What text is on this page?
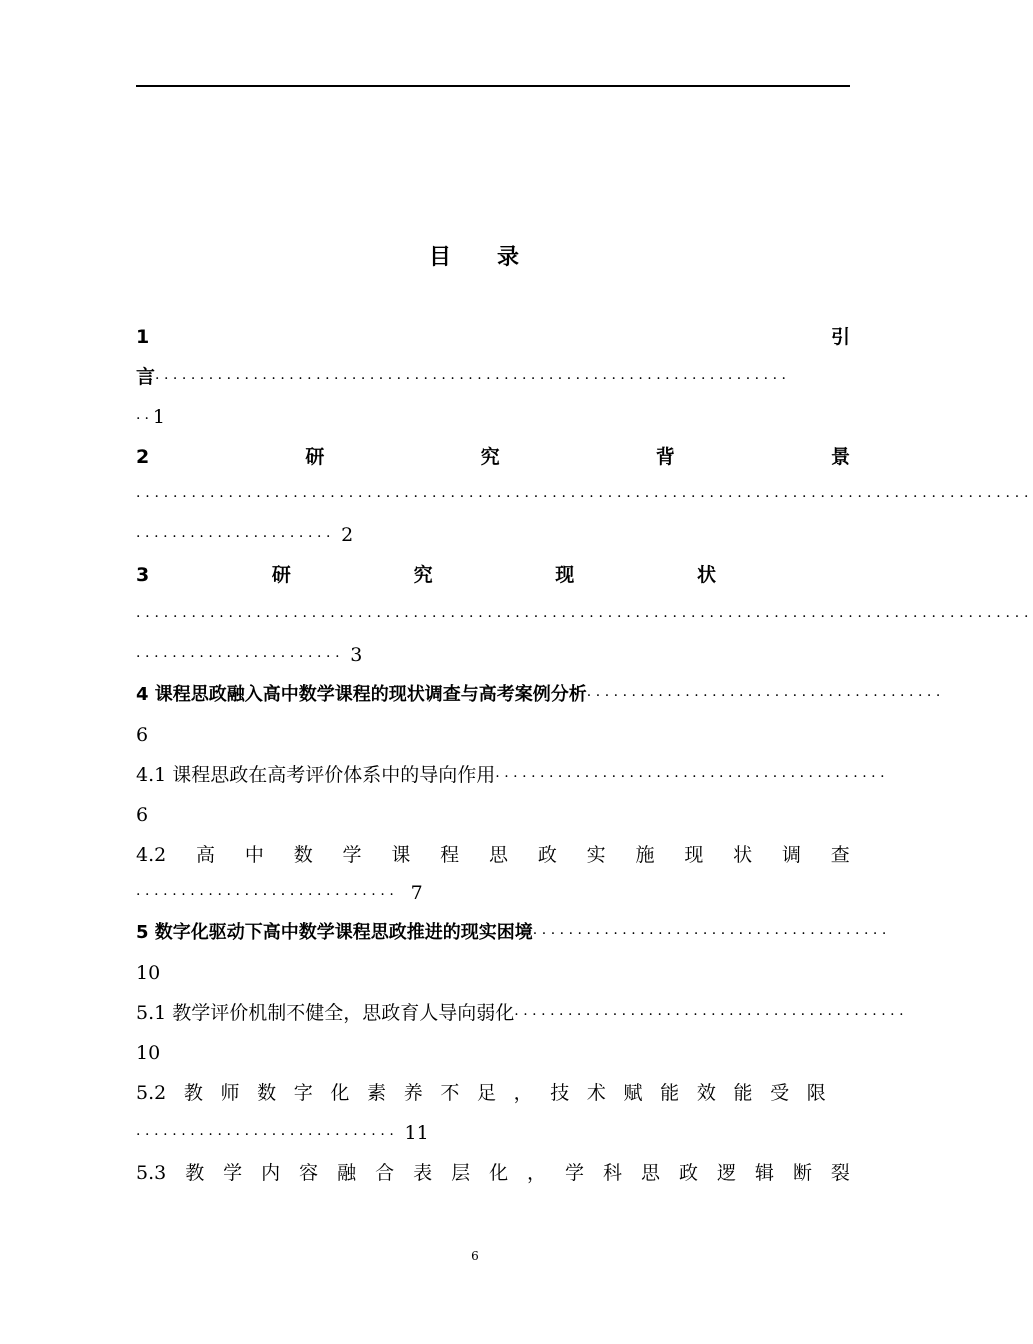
目 录
1	引
言 ·······································································
··1
2	研	究	背	景
·································································································
······················ 2
3	研	究	现	状
·································································································
······················· 3
4 课程思政融入高中数学课程的现状调查与高考案例分析 ········································
6
4.1 课程思政在高考评价体系中的导向作用 ············································
6
4.2 高 中 数 学 课 程 思 政 实 施 现 状 调 查
····························· 7
5 数字化驱动下高中数学课程思政推进的现实困境 ········································
10
5.1 教学评价机制不健全，思政育人导向弱化 ············································
10
5.2 教 师 数 字 化 素 养 不 足 ， 技 术 赋 能 效 能 受 限
····························· 11
5.3 教 学 内 容 融 合 表 层 化 ， 学 科 思 政 逻 辑 断 裂
6
